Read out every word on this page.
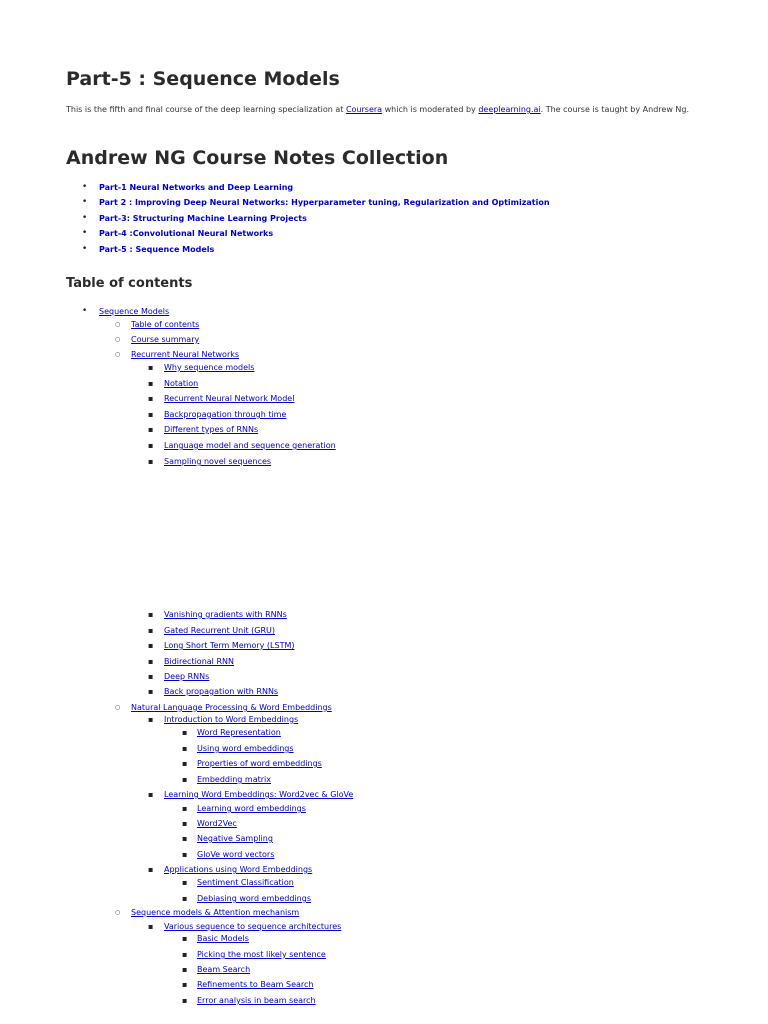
Part-5 : Sequence Models
This is the fifth and final course of the deep learning specialization at Coursera which is moderated by deeplearning.ai. The course is taught by Andrew Ng.
Andrew NG Course Notes Collection
•
Part-1 Neural Networks and Deep Learning
•
Part 2 : Improving Deep Neural Networks: Hyperparameter tuning, Regularization and Optimization
•
Part-3: Structuring Machine Learning Projects
•
Part-4 :Convolutional Neural Networks
•
Part-5 : Sequence Models
Table of contents
•
Sequence Models
○
Table of contents
○
Course summary
○
Recurrent Neural Networks
▪
Why sequence models
▪
Notation
▪
Recurrent Neural Network Model
▪
Backpropagation through time
▪
Different types of RNNs
▪
Language model and sequence generation
▪
Sampling novel sequences
▪
Vanishing gradients with RNNs
▪
Gated Recurrent Unit (GRU)
▪
Long Short Term Memory (LSTM)
▪
Bidirectional RNN
▪
Deep RNNs
▪
Back propagation with RNNs
○
Natural Language Processing & Word Embeddings
▪
Introduction to Word Embeddings
▪
Word Representation
▪
Using word embeddings
▪
Properties of word embeddings
▪
Embedding matrix
▪
Learning Word Embeddings: Word2vec & GloVe
▪
Learning word embeddings
▪
Word2Vec
▪
Negative Sampling
▪
GloVe word vectors
▪
Applications using Word Embeddings
▪
Sentiment Classification
▪
Debiasing word embeddings
○
Sequence models & Attention mechanism
▪
Various sequence to sequence architectures
▪
Basic Models
▪
Picking the most likely sentence
▪
Beam Search
▪
Refinements to Beam Search
▪
Error analysis in beam search
